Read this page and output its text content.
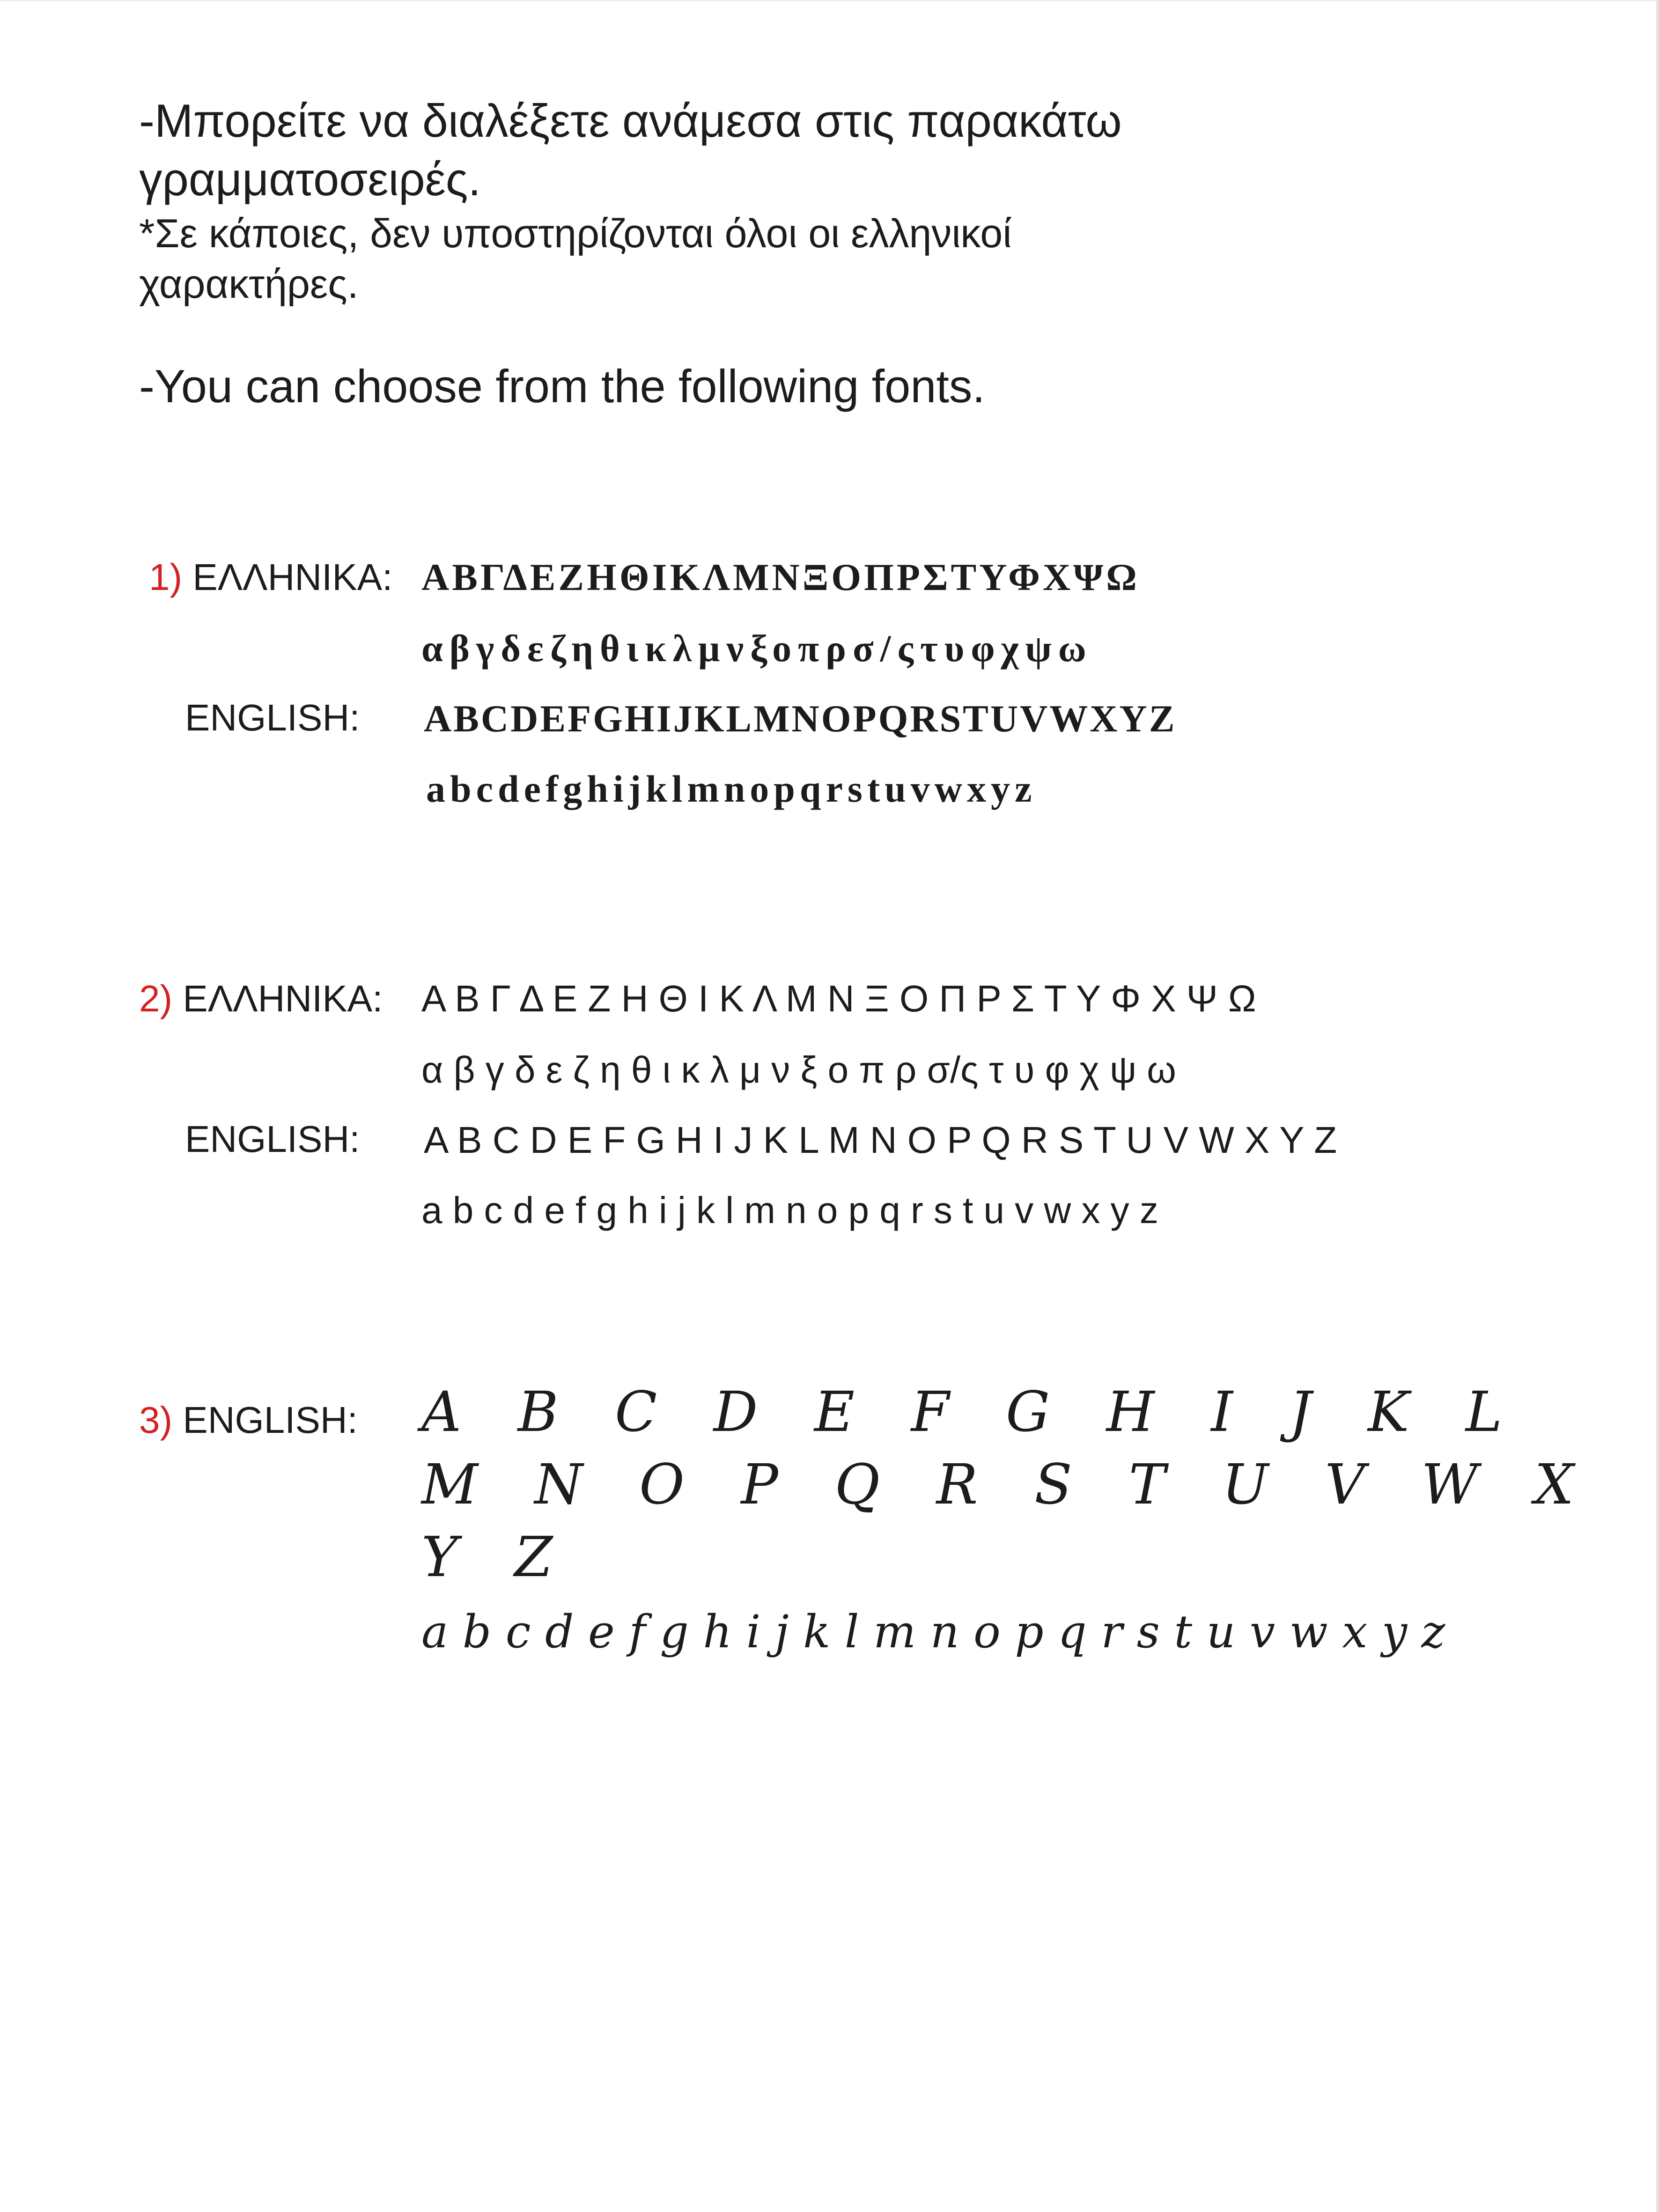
-Μπορείτε να διαλέξετε ανάμεσα στις παρακάτω
γραμματοσειρές.
*Σε κάποιες, δεν υποστηρίζονται όλοι οι ελληνικοί
χαρακτήρες.
-You can choose from the following fonts.
1) ΕΛΛΗΝΙΚΑ: ΑΒΓΔΕΖΗΘΙΚΛΜΝΞΟΠΡΣΤΥΦΧΨΩ
αβγδεζηθικλμνξοπρσ/ςτυφχψω
ENGLISH: ABCDEFGHIJKLMNOPQRSTUVWXYZ
abcdefghijklmnopqrstuvwxyz
2) ΕΛΛΗΝΙΚΑ: Α Β Γ Δ Ε Ζ Η Θ Ι Κ Λ Μ Ν Ξ Ο Π Ρ Σ Τ Υ Φ Χ Ψ Ω
α β γ δ ε ζ η θ ι κ λ μ ν ξ ο π ρ σ/ς τ υ φ χ ψ ω
ENGLISH: A B C D E F G H I J K L M N O P Q R S T U V W X Y Z
a b c d e f g h i j k l m n o p q r s t u v w x y z
3) ENGLISH: A   B   C   D   E   F   G   H   I   J   K   L
M   N   O   P   Q   R   S   T   U   V   W   X
Y   Z
a b c d e f g h i j k l m n o p q r s t u v w x y z
